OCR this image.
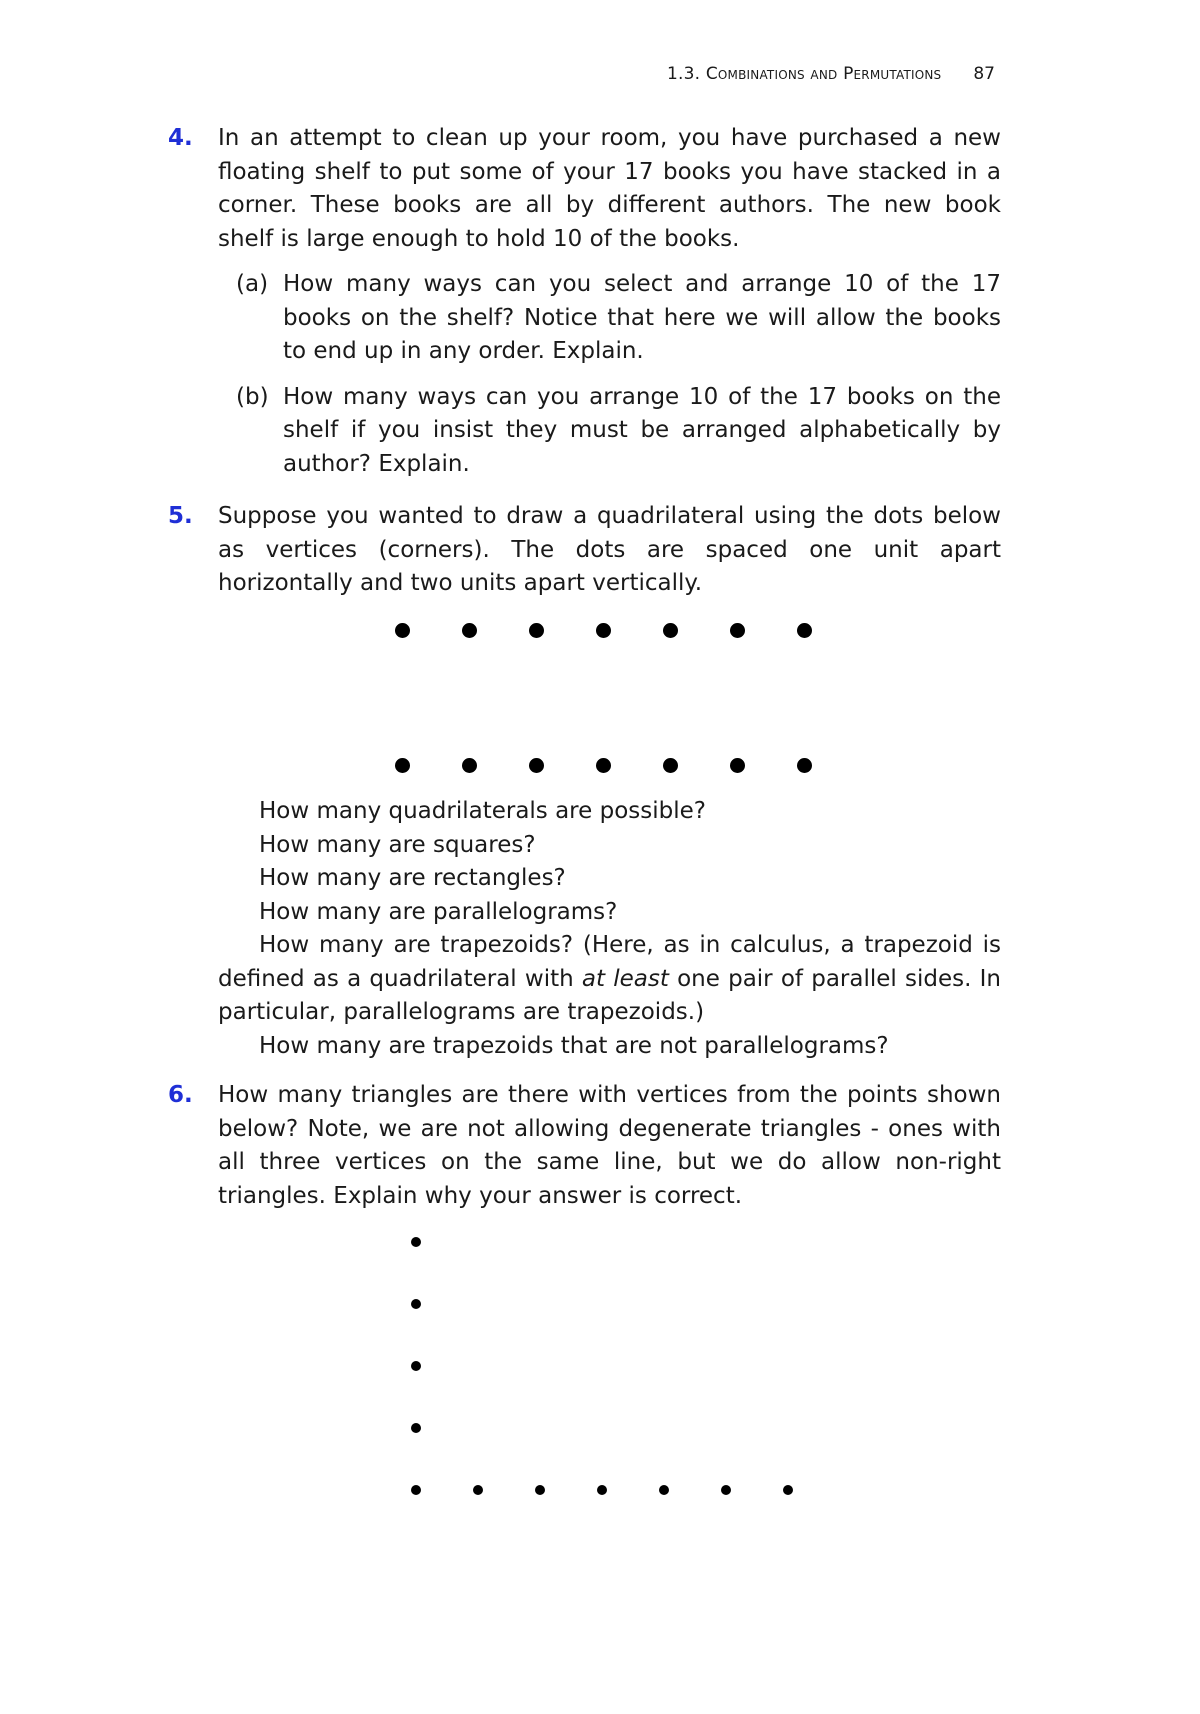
1.3. Combinations and Permutations 87
4. In an attempt to clean up your room, you have purchased a new floating shelf to put some of your 17 books you have stacked in a corner. These books are all by different authors. The new book shelf is large enough to hold 10 of the books.

(a) How many ways can you select and arrange 10 of the 17 books on the shelf? Notice that here we will allow the books to end up in any order. Explain.

(b) How many ways can you arrange 10 of the 17 books on the shelf if you insist they must be arranged alphabetically by author? Explain.

5. Suppose you wanted to draw a quadrilateral using the dots below as vertices (corners). The dots are spaced one unit apart horizontally and two units apart vertically.

How many quadrilaterals are possible?

How many are squares?

How many are rectangles?

How many are parallelograms?

How many are trapezoids? (Here, as in calculus, a trapezoid is defined as a quadrilateral with at least one pair of parallel sides. In particular, parallelograms are trapezoids.)

How many are trapezoids that are not parallelograms?

6. How many triangles are there with vertices from the points shown below? Note, we are not allowing degenerate triangles - ones with all three vertices on the same line, but we do allow non-right triangles. Explain why your answer is correct.
